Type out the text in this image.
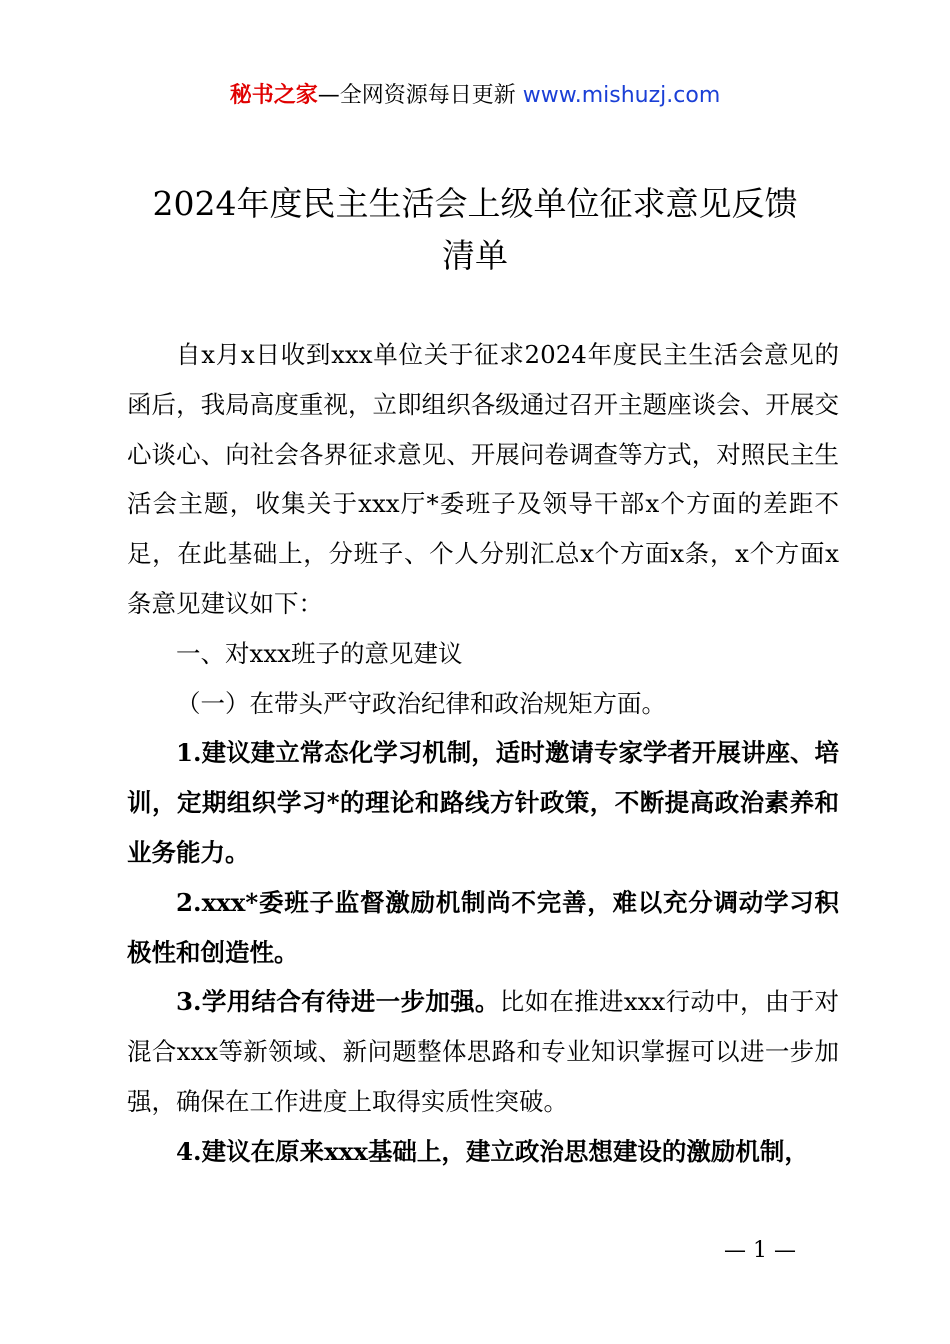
秘书之家—全网资源每日更新 www.mishuzj.com
2024年度民主生活会上级单位征求意见反馈
清单

自x月x日收到xxx单位关于征求2024年度民主生活会意见的函后，我局高度重视，立即组织各级通过召开主题座谈会、开展交心谈心、向社会各界征求意见、开展问卷调查等方式，对照民主生活会主题，收集关于xxx厅*委班子及领导干部x个方面的差距不足，在此基础上，分班子、个人分别汇总x个方面x条，x个方面x条意见建议如下：

一、对xxx班子的意见建议

（一）在带头严守政治纪律和政治规矩方面。

1.建议建立常态化学习机制，适时邀请专家学者开展讲座、培训，定期组织学习*的理论和路线方针政策，不断提高政治素养和业务能力。

2.xxx*委班子监督激励机制尚不完善，难以充分调动学习积极性和创造性。

3.学用结合有待进一步加强。比如在推进xxx行动中，由于对混合xxx等新领域、新问题整体思路和专业知识掌握可以进一步加强，确保在工作进度上取得实质性突破。

4.建议在原来xxx基础上，建立政治思想建设的激励机制，

— 1 —
